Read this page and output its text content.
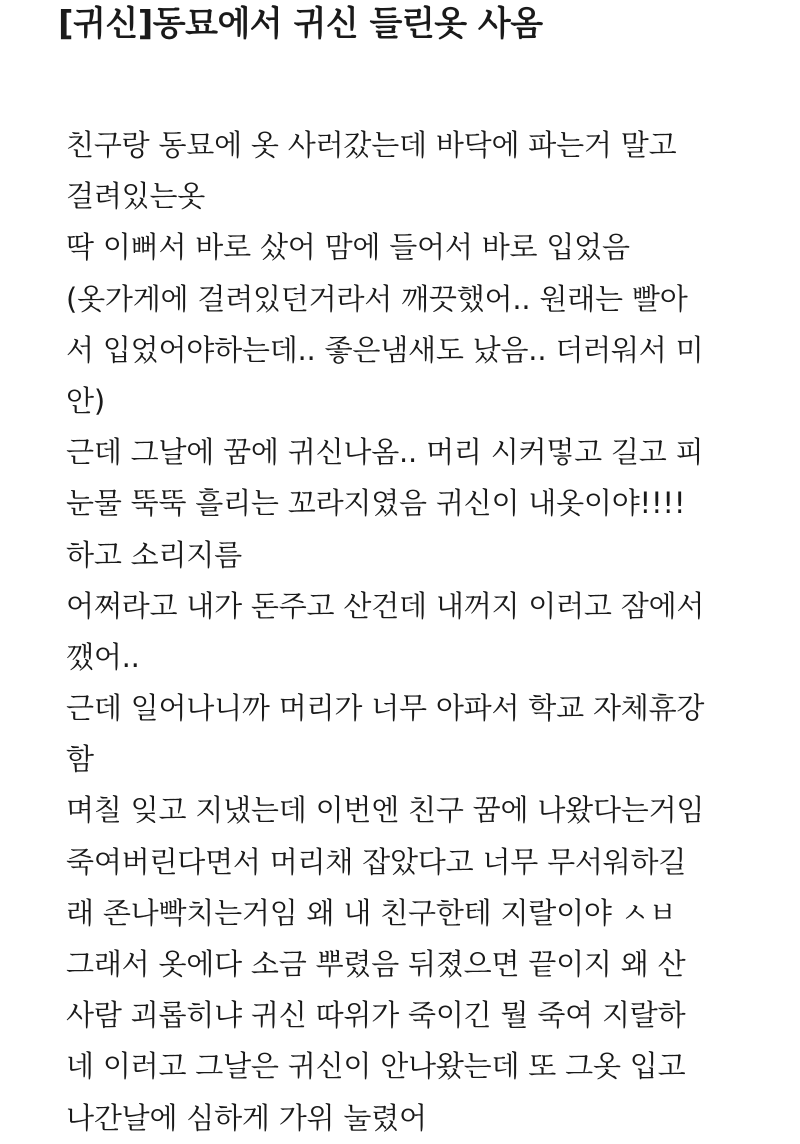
[귀신]동묘에서 귀신 들린옷 사옴
친구랑 동묘에 옷 사러갔는데 바닥에 파는거 말고
걸려있는옷
딱 이뻐서 바로 샀어 맘에 들어서 바로 입었음
(옷가게에 걸려있던거라서 깨끗했어.. 원래는 빨아
서 입었어야하는데.. 좋은냄새도 났음.. 더러워서 미
안)
근데 그날에 꿈에 귀신나옴.. 머리 시커멓고 길고 피
눈물 뚝뚝 흘리는 꼬라지였음 귀신이 내옷이야!!!!
하고 소리지름
어쩌라고 내가 돈주고 산건데 내꺼지 이러고 잠에서
깼어..
근데 일어나니까 머리가 너무 아파서 학교 자체휴강
함
며칠 잊고 지냈는데 이번엔 친구 꿈에 나왔다는거임
죽여버린다면서 머리채 잡았다고 너무 무서워하길
래 존나빡치는거임 왜 내 친구한테 지랄이야 ㅅㅂ
그래서 옷에다 소금 뿌렸음 뒤졌으면 끝이지 왜 산
사람 괴롭히냐 귀신 따위가 죽이긴 뭘 죽여 지랄하
네 이러고 그날은 귀신이 안나왔는데 또 그옷 입고
나간날에 심하게 가위 눌렸어
